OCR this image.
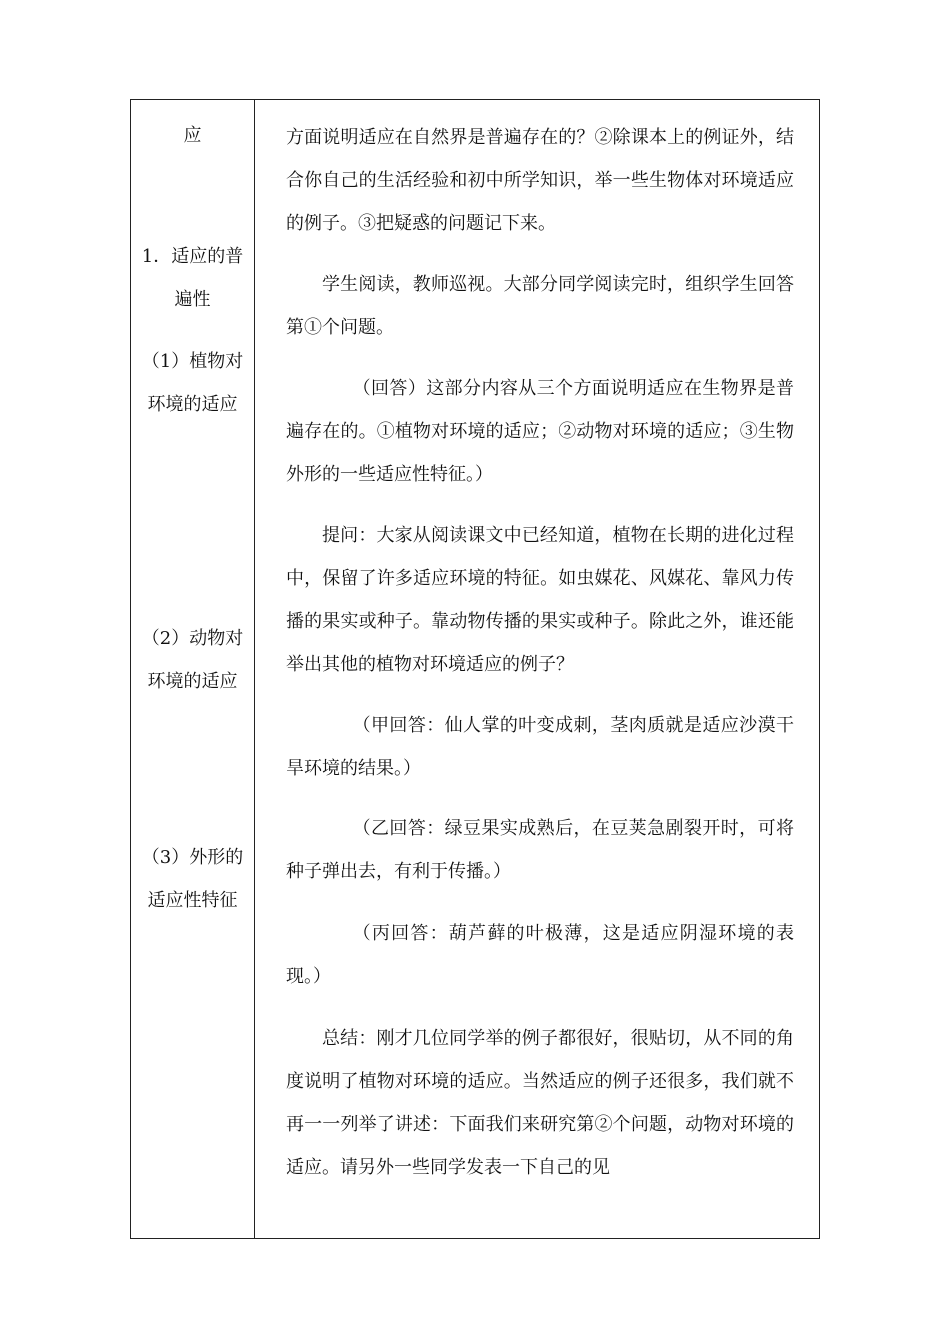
应
1．适应的普
遍性
（1）植物对
环境的适应
（2）动物对
环境的适应
（3）外形的
适应性特征
方面说明适应在自然界是普遍存在的？②除课本上的例证外，结合你自己的生活经验和初中所学知识，举一些生物体对环境适应的例子。③把疑惑的问题记下来。
学生阅读，教师巡视。大部分同学阅读完时，组织学生回答第①个问题。
（回答）这部分内容从三个方面说明适应在生物界是普遍存在的。①植物对环境的适应；②动物对环境的适应；③生物外形的一些适应性特征。）
提问：大家从阅读课文中已经知道，植物在长期的进化过程中，保留了许多适应环境的特征。如虫媒花、风媒花、靠风力传播的果实或种子。靠动物传播的果实或种子。除此之外，谁还能举出其他的植物对环境适应的例子？
（甲回答：仙人掌的叶变成刺，茎肉质就是适应沙漠干旱环境的结果。）
（乙回答：绿豆果实成熟后，在豆荚急剧裂开时，可将种子弹出去，有利于传播。）
（丙回答：葫芦藓的叶极薄，这是适应阴湿环境的表现。）
总结：刚才几位同学举的例子都很好，很贴切，从不同的角度说明了植物对环境的适应。当然适应的例子还很多，我们就不再一一列举了讲述：下面我们来研究第②个问题，动物对环境的适应。请另外一些同学发表一下自己的见
